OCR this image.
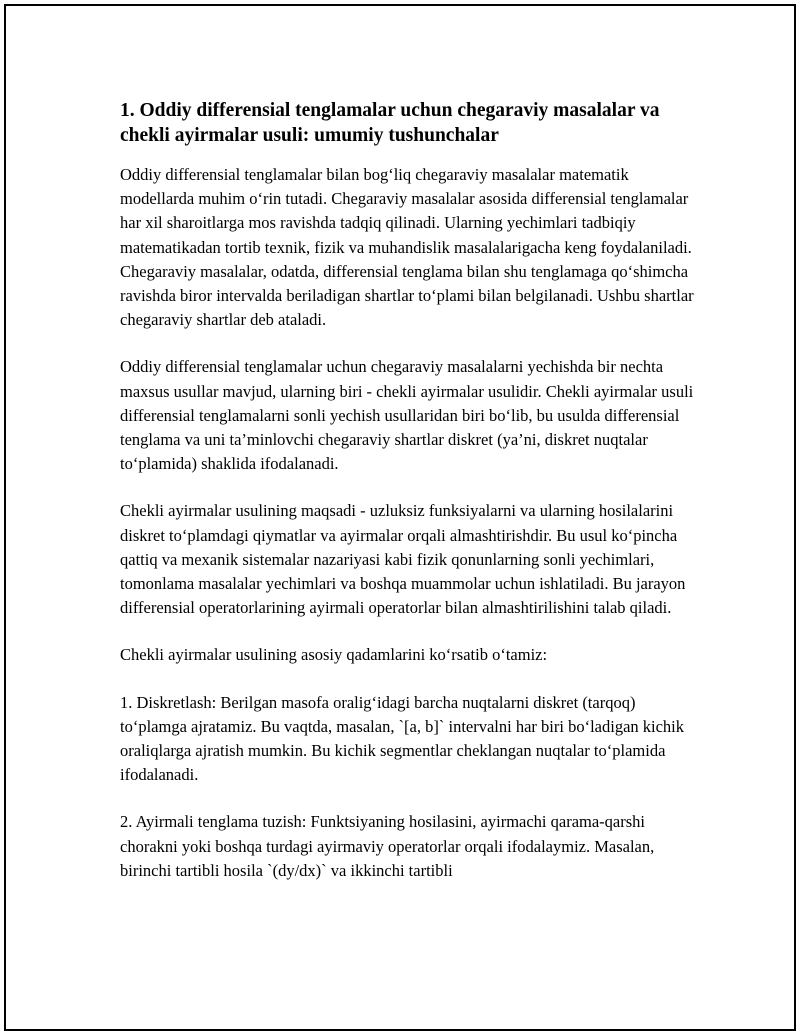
1. Oddiy differensial tenglamalar uchun chegaraviy masalalar va chekli ayirmalar usuli: umumiy tushunchalar

Oddiy differensial tenglamalar bilan bog‘liq chegaraviy masalalar matematik modellarda muhim o‘rin tutadi. Chegaraviy masalalar asosida differensial tenglamalar har xil sharoitlarga mos ravishda tadqiq qilinadi. Ularning yechimlari tadbiqiy matematikadan tortib texnik, fizik va muhandislik masalalarigacha keng foydalaniladi. Chegaraviy masalalar, odatda, differensial tenglama bilan shu tenglamaga qo‘shimcha ravishda biror intervalda beriladigan shartlar to‘plami bilan belgilanadi. Ushbu shartlar chegaraviy shartlar deb ataladi.

Oddiy differensial tenglamalar uchun chegaraviy masalalarni yechishda bir nechta maxsus usullar mavjud, ularning biri - chekli ayirmalar usulidir. Chekli ayirmalar usuli differensial tenglamalarni sonli yechish usullaridan biri bo‘lib, bu usulda differensial tenglama va uni ta’minlovchi chegaraviy shartlar diskret (ya’ni, diskret nuqtalar to‘plamida) shaklida ifodalanadi.

Chekli ayirmalar usulining maqsadi - uzluksiz funksiyalarni va ularning hosilalarini diskret to‘plamdagi qiymatlar va ayirmalar orqali almashtirishdir. Bu usul ko‘pincha qattiq va mexanik sistemalar nazariyasi kabi fizik qonunlarning sonli yechimlari, tomonlama masalalar yechimlari va boshqa muammolar uchun ishlatiladi. Bu jarayon differensial operatorlarining ayirmali operatorlar bilan almashtirilishini talab qiladi.

Chekli ayirmalar usulining asosiy qadamlarini ko‘rsatib o‘tamiz:

1. Diskretlash: Berilgan masofa oralig‘idagi barcha nuqtalarni diskret (tarqoq) to‘plamga ajratamiz. Bu vaqtda, masalan, `[a, b]` intervalni har biri bo‘ladigan kichik oraliqlarga ajratish mumkin. Bu kichik segmentlar cheklangan nuqtalar to‘plamida ifodalanadi.

2. Ayirmali tenglama tuzish: Funktsiyaning hosilasini, ayirmachi qarama-qarshi chorakni yoki boshqa turdagi ayirmaviy operatorlar orqali ifodalaymiz. Masalan, birinchi tartibli hosila `(dy/dx)` va ikkinchi tartibli
